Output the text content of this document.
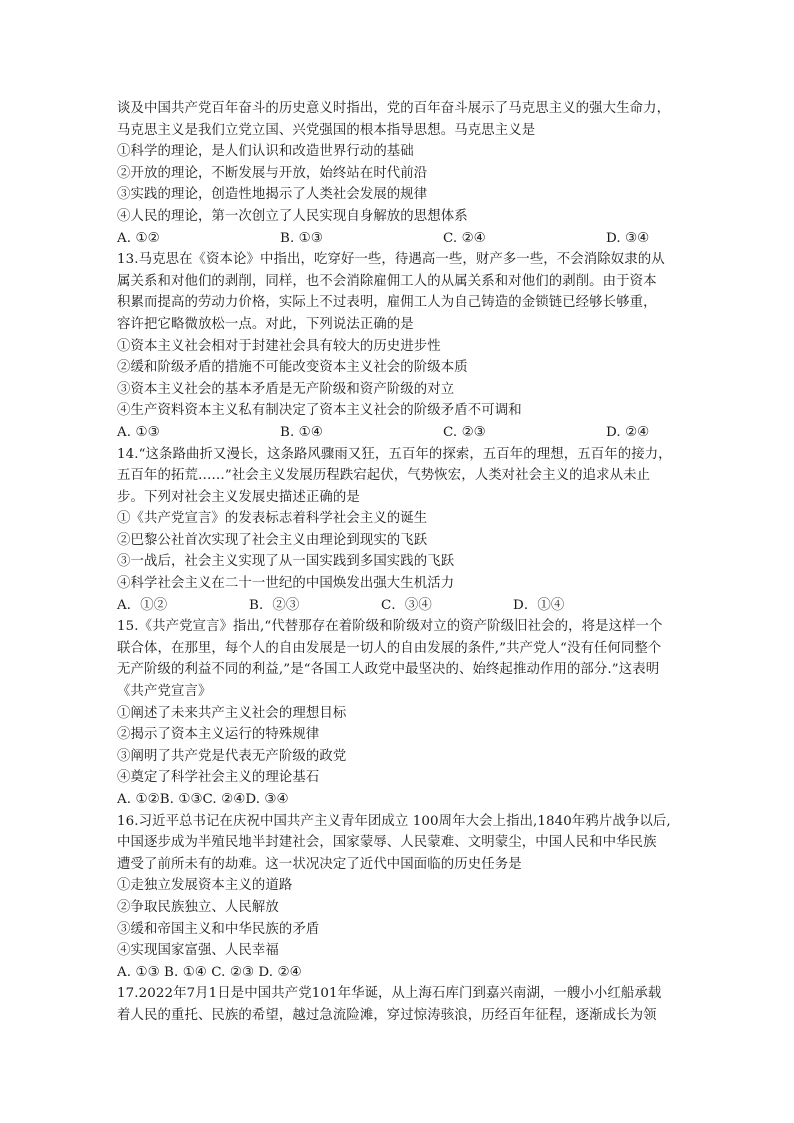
谈及中国共产党百年奋斗的历史意义时指出，党的百年奋斗展示了马克思主义的强大生命力，
马克思主义是我们立党立国、兴党强国的根本指导思想。马克思主义是
①科学的理论，是人们认识和改造世界行动的基础
②开放的理论，不断发展与开放，始终站在时代前沿
③实践的理论，创造性地揭示了人类社会发展的规律
④人民的理论，第一次创立了人民实现自身解放的思想体系
A. ①②	B. ①③	C. ②④	D. ③④
13.马克思在《资本论》中指出，吃穿好一些，待遇高一些，财产多一些，不会消除奴隶的从
属关系和对他们的剥削，同样，也不会消除雇佣工人的从属关系和对他们的剥削。由于资本
积累而提高的劳动力价格，实际上不过表明，雇佣工人为自己铸造的金锁链已经够长够重，
容许把它略微放松一点。对此，下列说法正确的是
①资本主义社会相对于封建社会具有较大的历史进步性
②缓和阶级矛盾的措施不可能改变资本主义社会的阶级本质
③资本主义社会的基本矛盾是无产阶级和资产阶级的对立
④生产资料资本主义私有制决定了资本主义社会的阶级矛盾不可调和
A. ①③	B. ①④	C. ②③	D. ②④
14.“这条路曲折又漫长，这条路风骤雨又狂，五百年的探索，五百年的理想，五百年的接力，
五百年的拓荒……”社会主义发展历程跌宕起伏，气势恢宏，人类对社会主义的追求从未止
步。下列对社会主义发展史描述正确的是
①《共产党宣言》的发表标志着科学社会主义的诞生
②巴黎公社首次实现了社会主义由理论到现实的飞跃
③一战后，社会主义实现了从一国实践到多国实践的飞跃
④科学社会主义在二十一世纪的中国焕发出强大生机活力
A．①②	B．②③	C．③④	D．①④
15.《共产党宣言》指出,“代替那存在着阶级和阶级对立的资产阶级旧社会的，将是这样一个
联合体，在那里，每个人的自由发展是一切人的自由发展的条件,”共产党人“没有任何同整个
无产阶级的利益不同的利益,”是“各国工人政党中最坚决的、始终起推动作用的部分.”这表明
《共产党宣言》
①阐述了未来共产主义社会的理想目标
②揭示了资本主义运行的特殊规律
③阐明了共产党是代表无产阶级的政党
④奠定了科学社会主义的理论基石
A. ①②B. ①③C. ②④D. ③④
16.习近平总书记在庆祝中国共产主义青年团成立 100周年大会上指出,1840年鸦片战争以后,
中国逐步成为半殖民地半封建社会，国家蒙辱、人民蒙难、文明蒙尘，中国人民和中华民族
遭受了前所未有的劫难。这一状况决定了近代中国面临的历史任务是
①走独立发展资本主义的道路
②争取民族独立、人民解放
③缓和帝国主义和中华民族的矛盾
④实现国家富强、人民幸福
A. ①③ B. ①④ C. ②③ D. ②④
17.2022年7月1日是中国共产党101年华诞，从上海石库门到嘉兴南湖，一艘小小红船承载
着人民的重托、民族的希望，越过急流险滩，穿过惊涛骇浪，历经百年征程，逐渐成长为领
